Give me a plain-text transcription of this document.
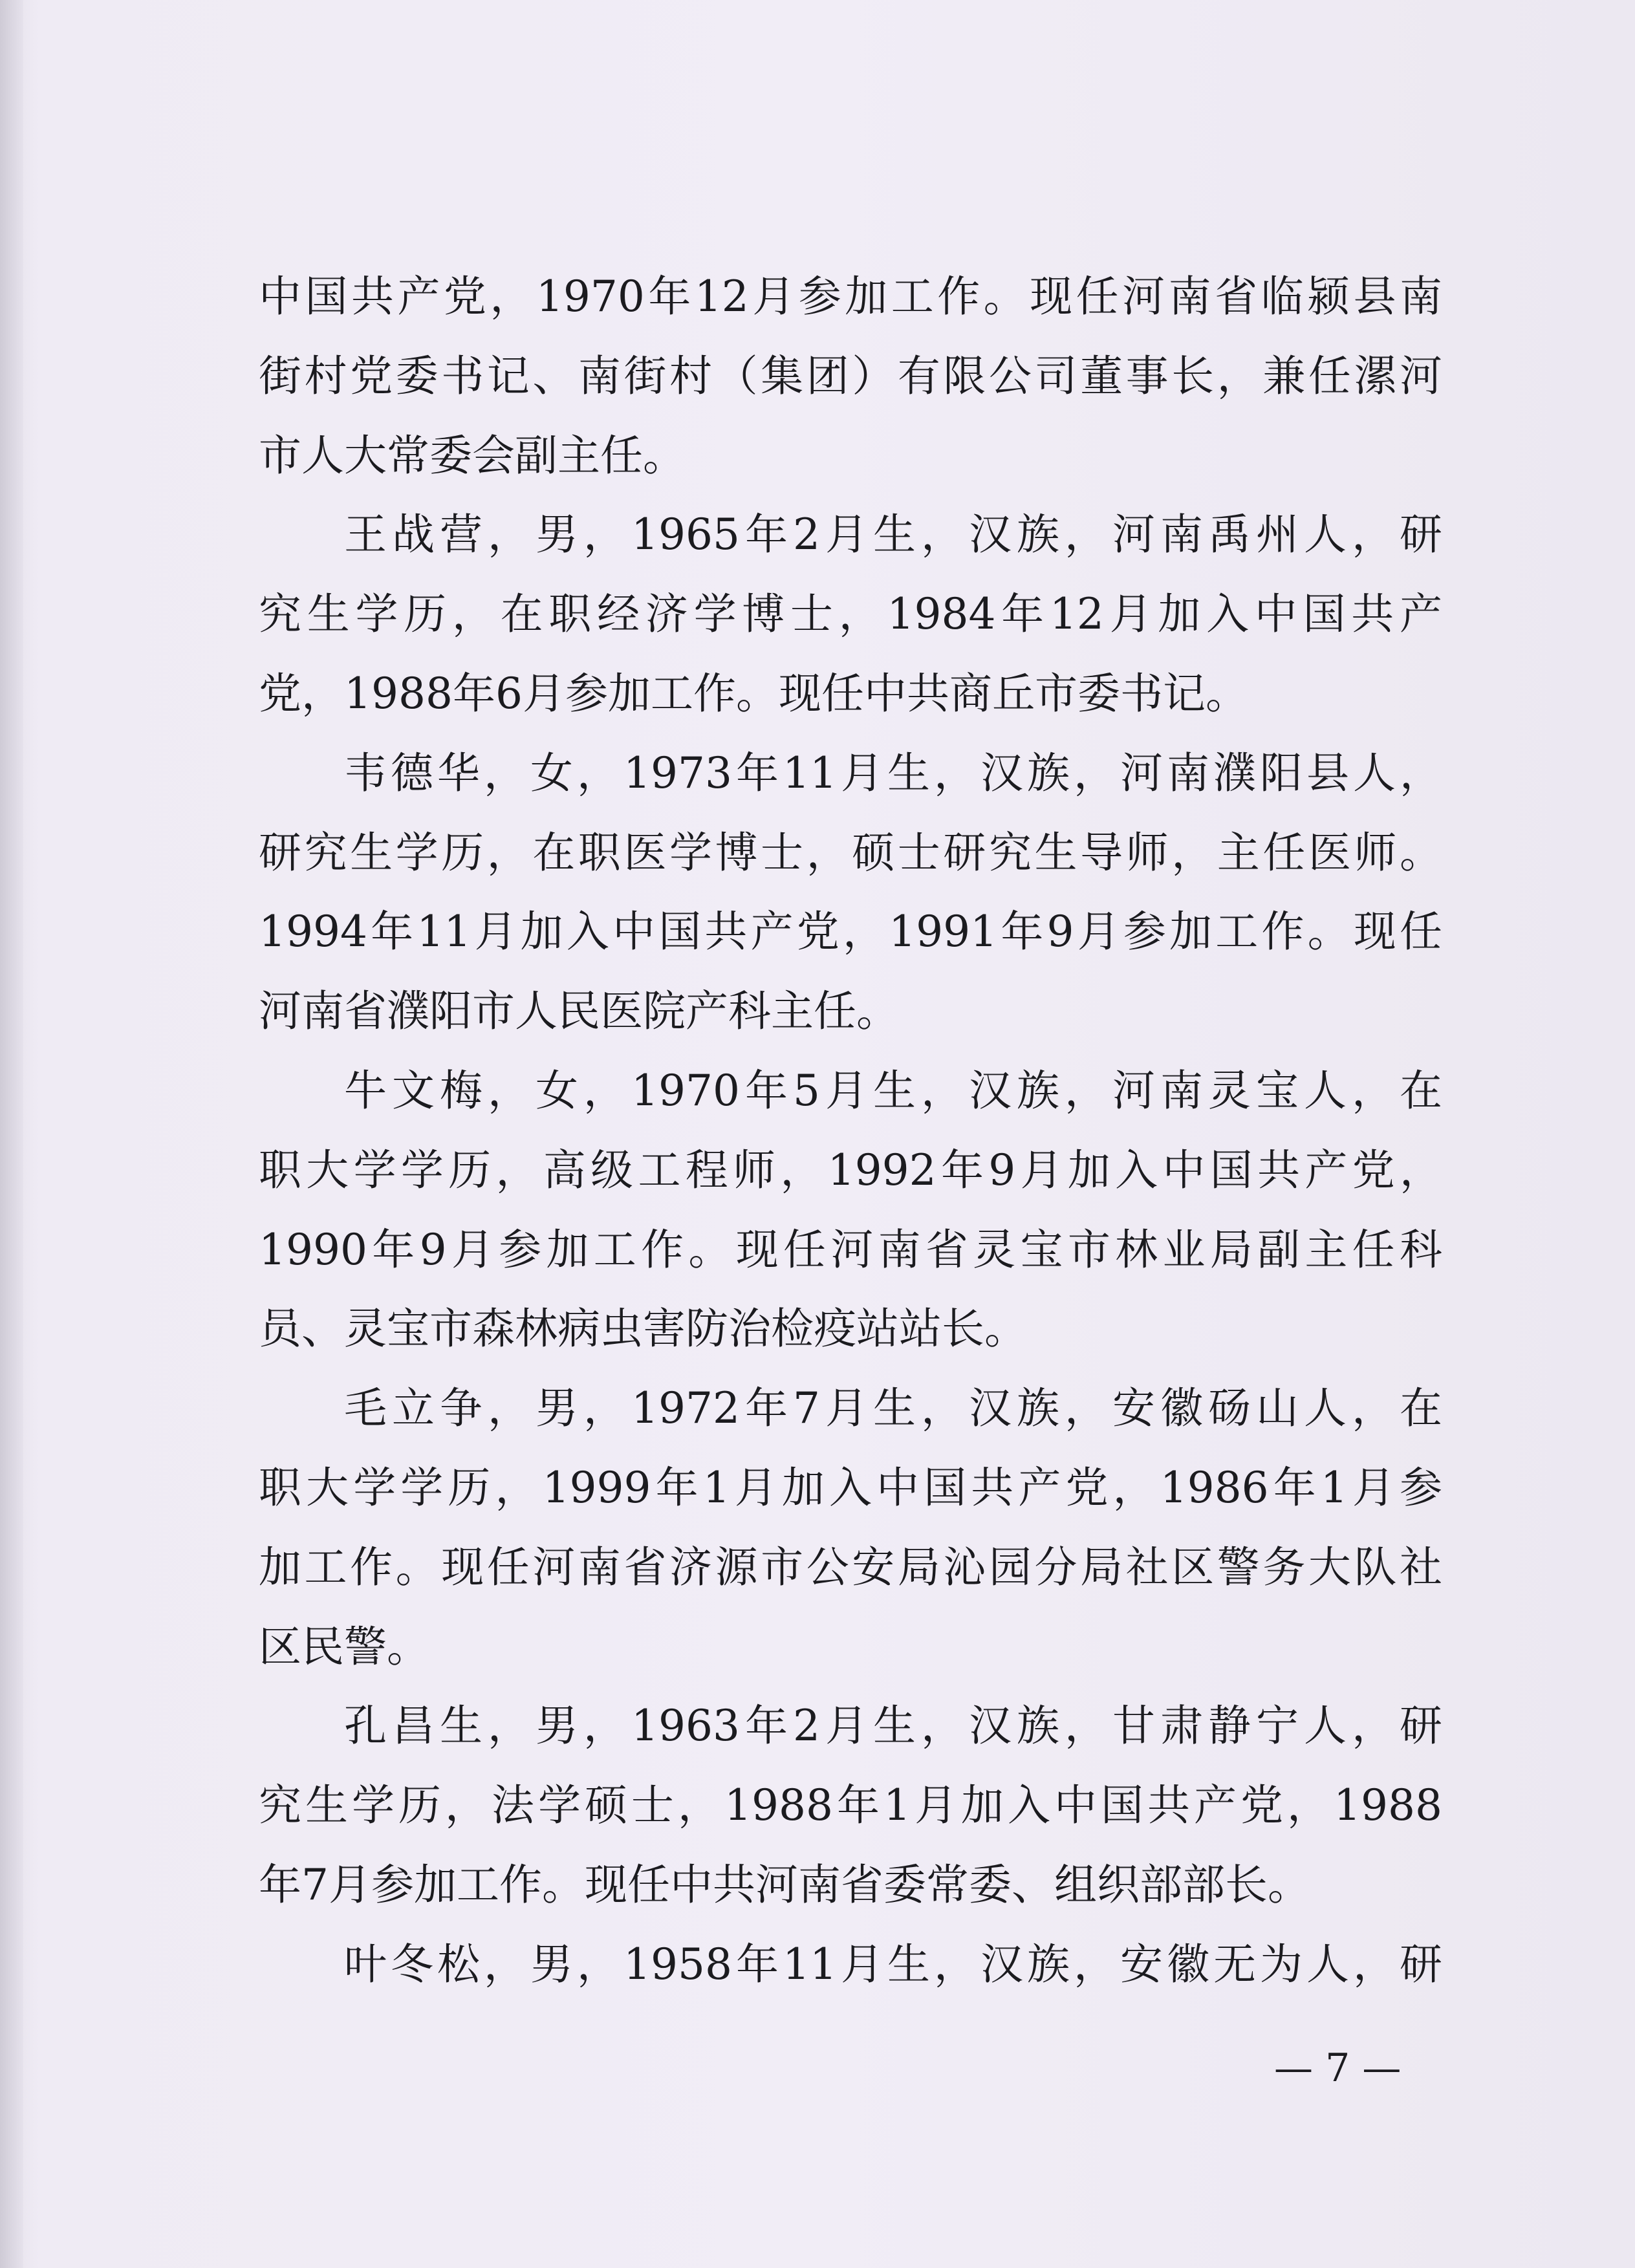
中国共产党，1970年12月参加工作。现任河南省临颍县南
街村党委书记、南街村（集团）有限公司董事长，兼任漯河
市人大常委会副主任。
王战营，男，1965年2月生，汉族，河南禹州人，研
究生学历，在职经济学博士，1984年12月加入中国共产
党，1988年6月参加工作。现任中共商丘市委书记。
韦德华，女，1973年11月生，汉族，河南濮阳县人，
研究生学历，在职医学博士，硕士研究生导师，主任医师。
1994年11月加入中国共产党，1991年9月参加工作。现任
河南省濮阳市人民医院产科主任。
牛文梅，女，1970年5月生，汉族，河南灵宝人，在
职大学学历，高级工程师，1992年9月加入中国共产党，
1990年9月参加工作。现任河南省灵宝市林业局副主任科
员、灵宝市森林病虫害防治检疫站站长。
毛立争，男，1972年7月生，汉族，安徽砀山人，在
职大学学历，1999年1月加入中国共产党，1986年1月参
加工作。现任河南省济源市公安局沁园分局社区警务大队社
区民警。
孔昌生，男，1963年2月生，汉族，甘肃静宁人，研
究生学历，法学硕士，1988年1月加入中国共产党，1988
年7月参加工作。现任中共河南省委常委、组织部部长。
叶冬松，男，1958年11月生，汉族，安徽无为人，研
— 7 —
